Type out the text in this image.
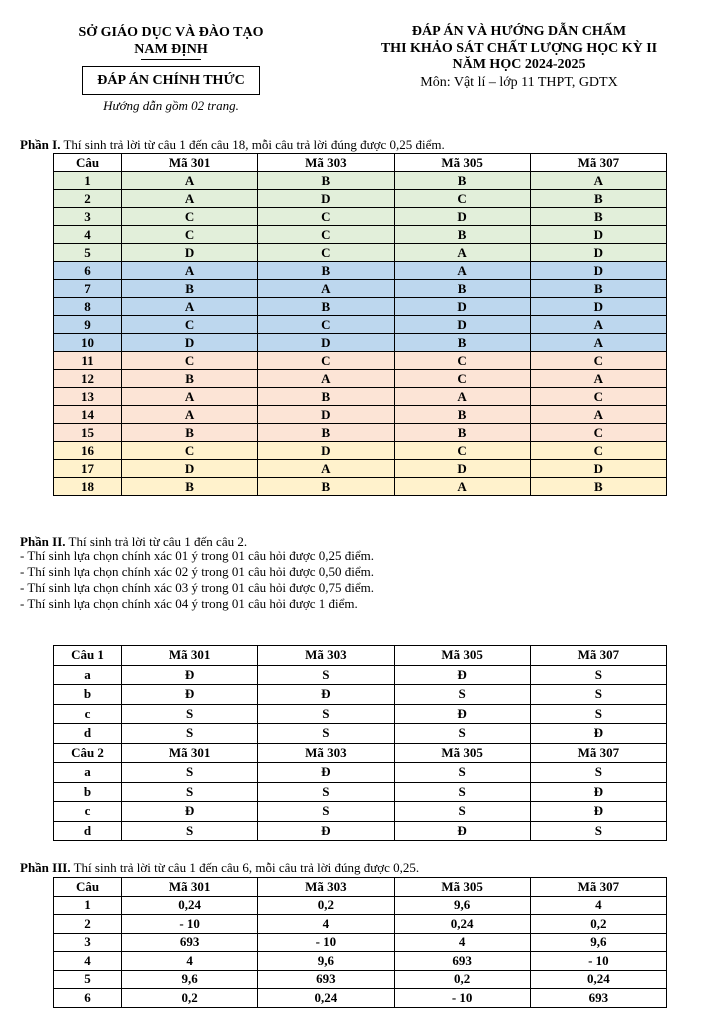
SỞ GIÁO DỤC VÀ ĐÀO TẠO
NAM ĐỊNH
ĐÁP ÁN CHÍNH THỨC
Hướng dẫn gồm 02 trang.
ĐÁP ÁN VÀ HƯỚNG DẪN CHẤM
THI KHẢO SÁT CHẤT LƯỢNG HỌC KỲ II
NĂM HỌC 2024-2025
Môn: Vật lí – lớp 11 THPT, GDTX
Phần I. Thí sinh trả lời từ câu 1 đến câu 18, mỗi câu trả lời đúng được 0,25 điểm.
Câu	Mã 301	Mã 303	Mã 305	Mã 307
1	A	B	B	A
2	A	D	C	B
3	C	C	D	B
4	C	C	B	D
5	D	C	A	D
6	A	B	A	D
7	B	A	B	B
8	A	B	D	D
9	C	C	D	A
10	D	D	B	A
11	C	C	C	C
12	B	A	C	A
13	A	B	A	C
14	A	D	B	A
15	B	B	B	C
16	C	D	C	C
17	D	A	D	D
18	B	B	A	B
Phần II. Thí sinh trả lời từ câu 1 đến câu 2.
- Thí sinh lựa chọn chính xác 01 ý trong 01 câu hỏi được 0,25 điểm.
- Thí sinh lựa chọn chính xác 02 ý trong 01 câu hỏi được 0,50 điểm.
- Thí sinh lựa chọn chính xác 03 ý trong 01 câu hỏi được 0,75 điểm.
- Thí sinh lựa chọn chính xác 04 ý trong 01 câu hỏi được 1 điểm.
Câu 1	Mã 301	Mã 303	Mã 305	Mã 307
a	Đ	S	Đ	S
b	Đ	Đ	S	S
c	S	S	Đ	S
d	S	S	S	Đ
Câu 2	Mã 301	Mã 303	Mã 305	Mã 307
a	S	Đ	S	S
b	S	S	S	Đ
c	Đ	S	S	Đ
d	S	Đ	Đ	S
Phần III. Thí sinh trả lời từ câu 1 đến câu 6, mỗi câu trả lời đúng được 0,25.
Câu	Mã 301	Mã 303	Mã 305	Mã 307
1	0,24	0,2	9,6	4
2	- 10	4	0,24	0,2
3	693	- 10	4	9,6
4	4	9,6	693	- 10
5	9,6	693	0,2	0,24
6	0,2	0,24	- 10	693
